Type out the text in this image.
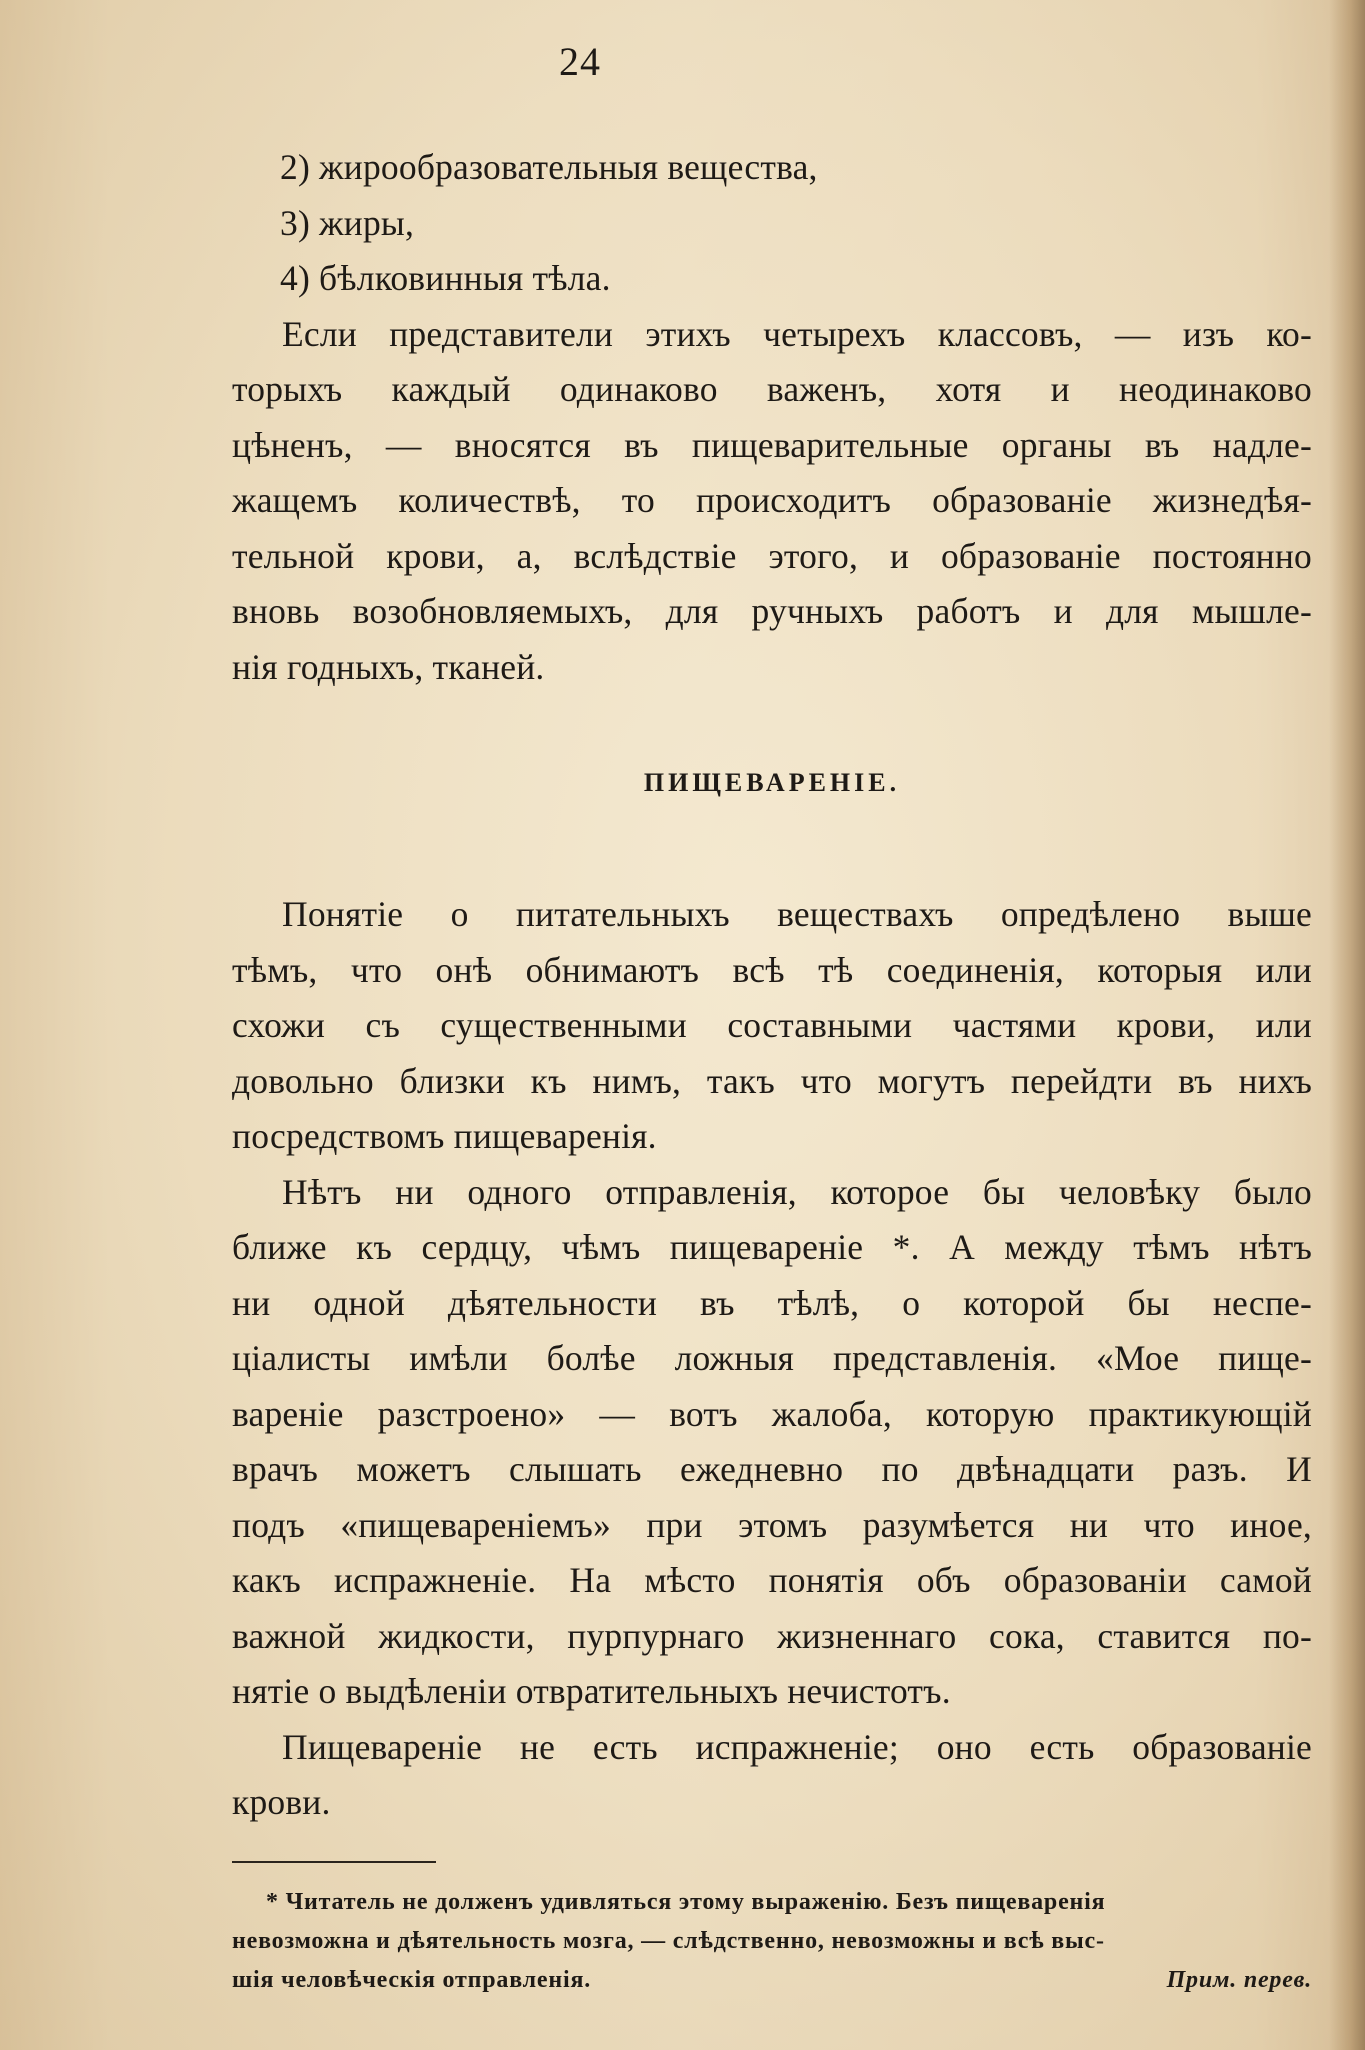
24
2) жирообразовательныя вещества,
3) жиры,
4) бѣлковинныя тѣла.
Если представители этихъ четырехъ классовъ, — изъ ко-
торыхъ каждый одинаково важенъ, хотя и неодинаково
цѣненъ, — вносятся въ пищеварительные органы въ надле-
жащемъ количествѣ, то происходитъ образованіе жизнедѣя-
тельной крови, а, вслѣдствіе этого, и образованіе постоянно
вновь возобновляемыхъ, для ручныхъ работъ и для мышле-
нія годныхъ, тканей.
ПИЩЕВАРЕНІЕ.
Понятіе о питательныхъ веществахъ опредѣлено выше
тѣмъ, что онѣ обнимаютъ всѣ тѣ соединенія, которыя или
схожи съ существенными составными частями крови, или
довольно близки къ нимъ, такъ что могутъ перейдти въ нихъ
посредствомъ пищеваренія.
Нѣтъ ни одного отправленія, которое бы человѣку было
ближе къ сердцу, чѣмъ пищевареніе *. А между тѣмъ нѣтъ
ни одной дѣятельности въ тѣлѣ, о которой бы неспе-
ціалисты имѣли болѣе ложныя представленія. «Мое пище-
вареніе разстроено» — вотъ жалоба, которую практикующій
врачъ можетъ слышать ежедневно по двѣнадцати разъ. И
подъ «пищевареніемъ» при этомъ разумѣется ни что иное,
какъ испражненіе. На мѣсто понятія объ образованіи самой
важной жидкости, пурпурнаго жизненнаго сока, ставится по-
нятіе о выдѣленіи отвратительныхъ нечистотъ.
Пищевареніе не есть испражненіе; оно есть образованіе
крови.
* Читатель не долженъ удивляться этому выраженію. Безъ пищеваренія
невозможна и дѣятельность мозга, — слѣдственно, невозможны и всѣ выс-
шія человѣческія отправленія.	Прим. перев.
